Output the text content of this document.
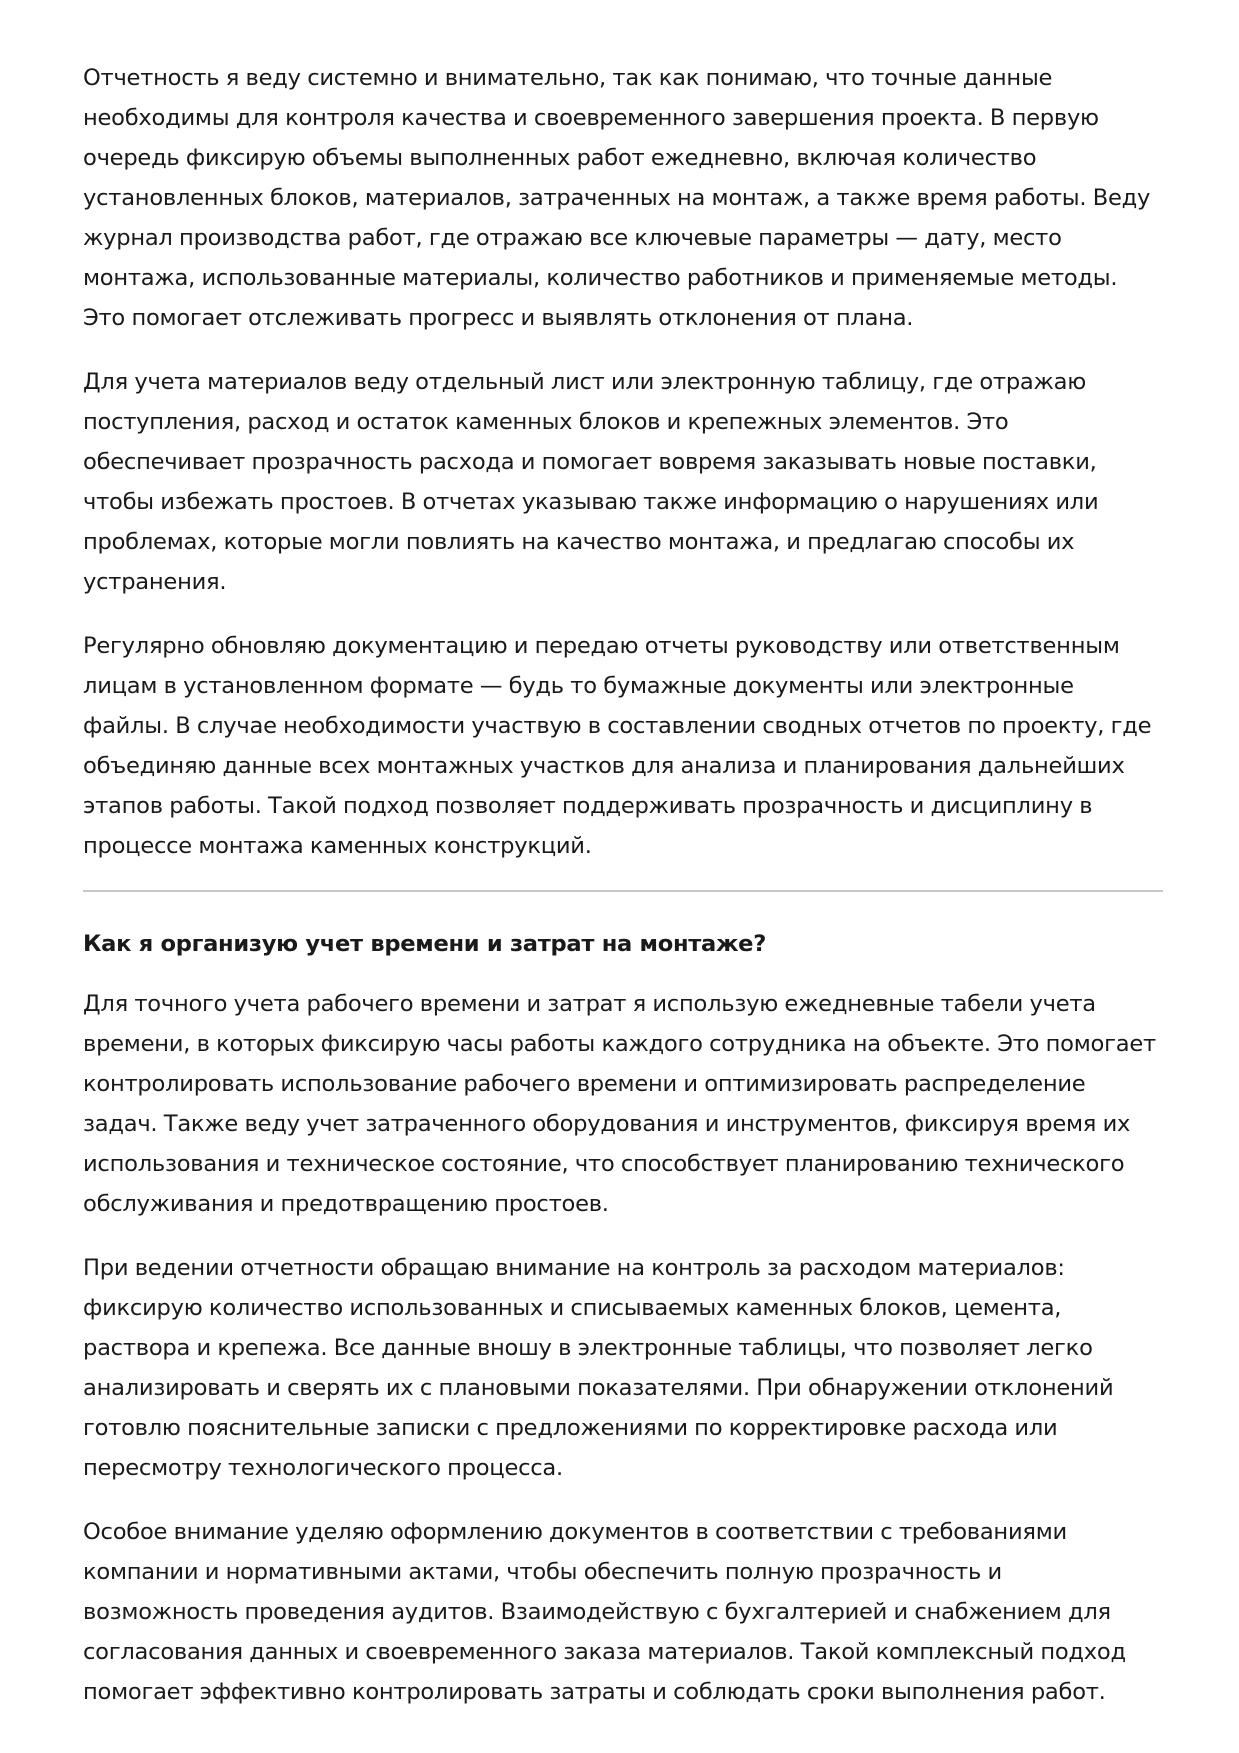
Отчетность я веду системно и внимательно, так как понимаю, что точные данные необходимы для контроля качества и своевременного завершения проекта. В первую очередь фиксирую объемы выполненных работ ежедневно, включая количество установленных блоков, материалов, затраченных на монтаж, а также время работы. Веду журнал производства работ, где отражаю все ключевые параметры — дату, место монтажа, использованные материалы, количество работников и применяемые методы. Это помогает отслеживать прогресс и выявлять отклонения от плана.

Для учета материалов веду отдельный лист или электронную таблицу, где отражаю поступления, расход и остаток каменных блоков и крепежных элементов. Это обеспечивает прозрачность расхода и помогает вовремя заказывать новые поставки, чтобы избежать простоев. В отчетах указываю также информацию о нарушениях или проблемах, которые могли повлиять на качество монтажа, и предлагаю способы их устранения.

Регулярно обновляю документацию и передаю отчеты руководству или ответственным лицам в установленном формате — будь то бумажные документы или электронные файлы. В случае необходимости участвую в составлении сводных отчетов по проекту, где объединяю данные всех монтажных участков для анализа и планирования дальнейших этапов работы. Такой подход позволяет поддерживать прозрачность и дисциплину в процессе монтажа каменных конструкций.

Как я организую учет времени и затрат на монтаже?

Для точного учета рабочего времени и затрат я использую ежедневные табели учета времени, в которых фиксирую часы работы каждого сотрудника на объекте. Это помогает контролировать использование рабочего времени и оптимизировать распределение задач. Также веду учет затраченного оборудования и инструментов, фиксируя время их использования и техническое состояние, что способствует планированию технического обслуживания и предотвращению простоев.

При ведении отчетности обращаю внимание на контроль за расходом материалов: фиксирую количество использованных и списываемых каменных блоков, цемента, раствора и крепежа. Все данные вношу в электронные таблицы, что позволяет легко анализировать и сверять их с плановыми показателями. При обнаружении отклонений готовлю пояснительные записки с предложениями по корректировке расхода или пересмотру технологического процесса.

Особое внимание уделяю оформлению документов в соответствии с требованиями компании и нормативными актами, чтобы обеспечить полную прозрачность и возможность проведения аудитов. Взаимодействую с бухгалтерией и снабжением для согласования данных и своевременного заказа материалов. Такой комплексный подход помогает эффективно контролировать затраты и соблюдать сроки выполнения работ.
